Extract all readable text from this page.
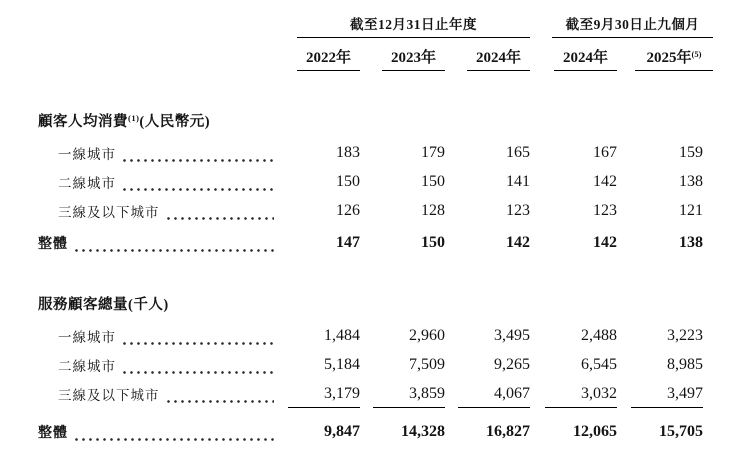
截至12月31日止年度	截至9月30日止九個月
2022年	2023年	2024年	2024年	2025年$^{(5)}$
顧客人均消費$^{(1)}$(人民幣元)
一線城市	183	179	165	167	159
二線城市	150	150	141	142	138
三線及以下城市	126	128	123	123	121
整體	147	150	142	142	138
服務顧客總量(千人)
一線城市	1,484	2,960	3,495	2,488	3,223
二線城市	5,184	7,509	9,265	6,545	8,985
三線及以下城市	3,179	3,859	4,067	3,032	3,497
整體	9,847	14,328	16,827	12,065	15,705
